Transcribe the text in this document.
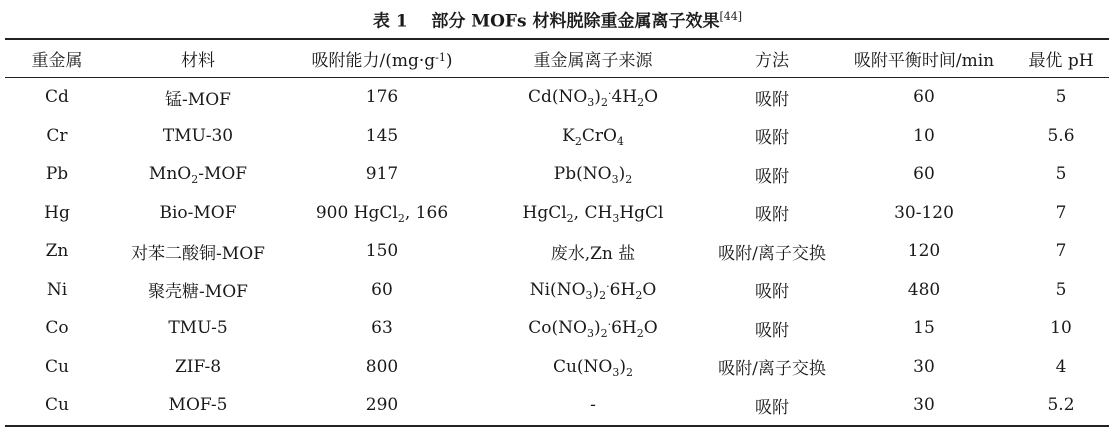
表 1 部分 MOFs 材料脱除重金属离子效果[44]
重金属	材料	吸附能力$/(mg\cdot g^{-1})$	重金属离子来源	方法	吸附平衡时间/min	最优 pH
Cd	锰-MOF	176	$Cd(NO_3)_2^\cdot 4H_2O$	吸附	60	5
Cr	TMU-30	145	$K_2CrO_4$	吸附	10	5.6
Pb	MnO$_2$-MOF	917	$Pb(NO_3)_2$	吸附	60	5
Hg	Bio-MOF	900 HgCl$_2$, 166	HgCl$_2$, $CH_3HgCl$	吸附	30-120	7
Zn	对苯二酸铜-MOF	150	废水,Zn 盐	吸附/离子交换	120	7
Ni	聚壳糖-MOF	60	$Ni(NO_3)_2^\cdot 6H_2O$	吸附	480	5
Co	TMU-5	63	$Co(NO_3)_2^\cdot 6H_2O$	吸附	15	10
Cu	ZIF-8	800	$Cu(NO_3)_2$	吸附/离子交换	30	4
Cu	MOF-5	290	-	吸附	30	5.2
